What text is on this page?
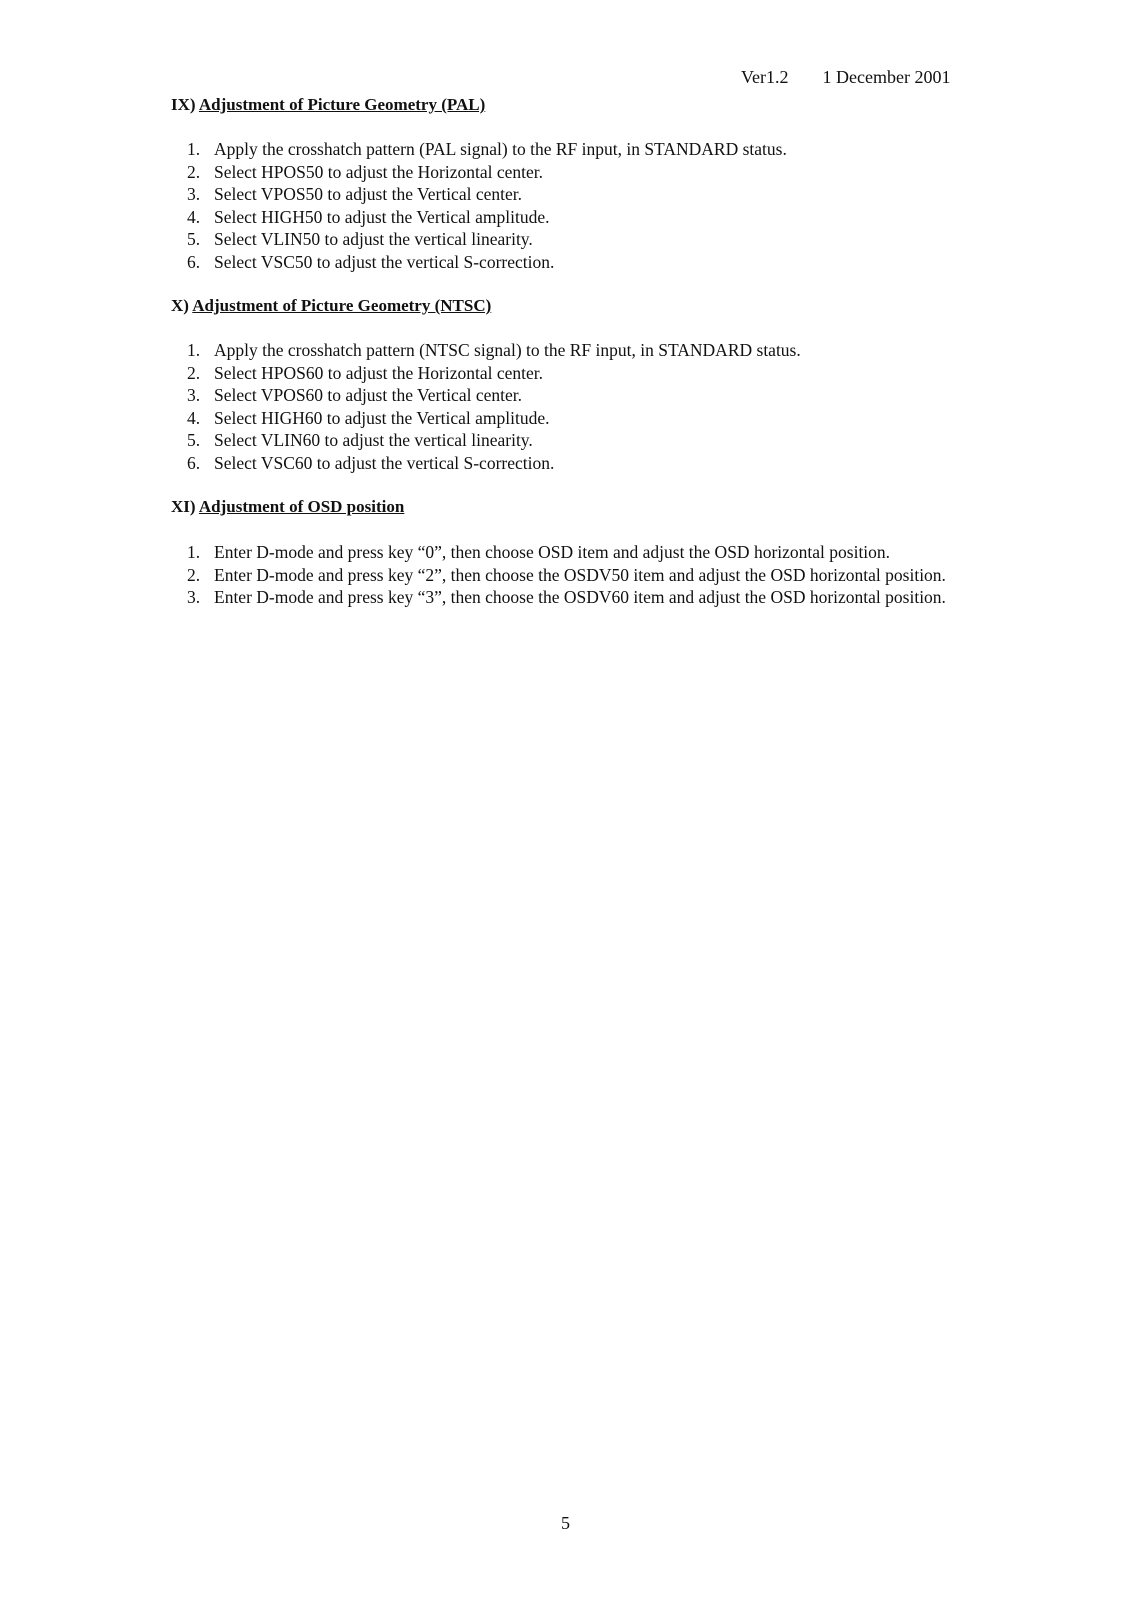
Ver1.2 1 December 2001
IX) Adjustment of Picture Geometry (PAL)
1. Apply the crosshatch pattern (PAL signal) to the RF input, in STANDARD status.
2. Select HPOS50 to adjust the Horizontal center.
3. Select VPOS50 to adjust the Vertical center.
4. Select HIGH50 to adjust the Vertical amplitude.
5. Select VLIN50 to adjust the vertical linearity.
6. Select VSC50 to adjust the vertical S-correction.
X) Adjustment of Picture Geometry (NTSC)
1. Apply the crosshatch pattern (NTSC signal) to the RF input, in STANDARD status.
2. Select HPOS60 to adjust the Horizontal center.
3. Select VPOS60 to adjust the Vertical center.
4. Select HIGH60 to adjust the Vertical amplitude.
5. Select VLIN60 to adjust the vertical linearity.
6. Select VSC60 to adjust the vertical S-correction.
XI) Adjustment of OSD position
1. Enter D-mode and press key “0”, then choose OSD item and adjust the OSD horizontal position.
2. Enter D-mode and press key “2”, then choose the OSDV50 item and adjust the OSD horizontal position.
3. Enter D-mode and press key “3”, then choose the OSDV60 item and adjust the OSD horizontal position.
5
